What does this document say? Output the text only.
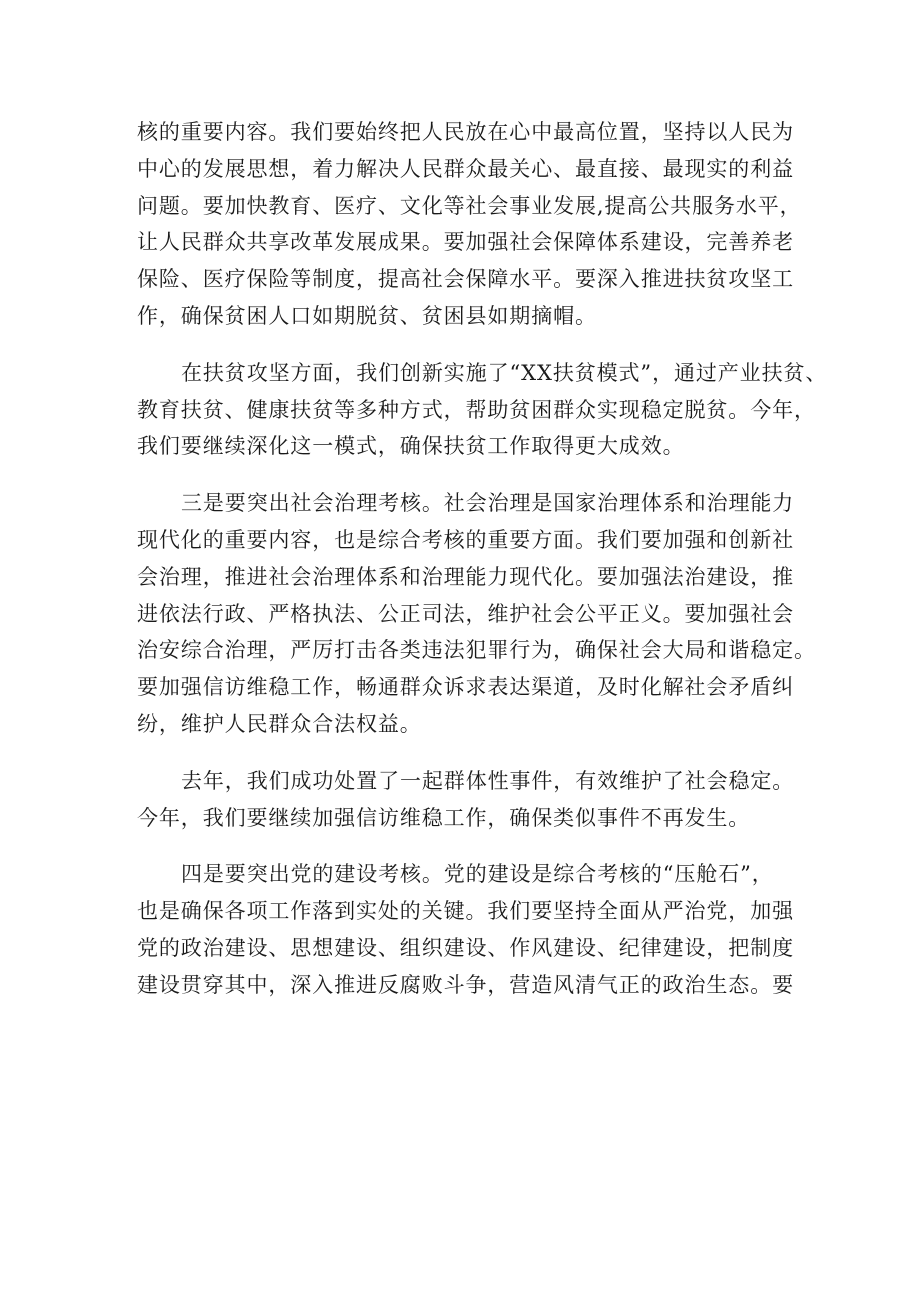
核的重要内容。我们要始终把人民放在心中最高位置，坚持以人民为
中心的发展思想，着力解决人民群众最关心、最直接、最现实的利益
问题。要加快教育、医疗、文化等社会事业发展,提高公共服务水平，
让人民群众共享改革发展成果。要加强社会保障体系建设，完善养老
保险、医疗保险等制度，提高社会保障水平。要深入推进扶贫攻坚工
作，确保贫困人口如期脱贫、贫困县如期摘帽。
在扶贫攻坚方面，我们创新实施了“XX扶贫模式”，通过产业扶贫、
教育扶贫、健康扶贫等多种方式，帮助贫困群众实现稳定脱贫。今年，
我们要继续深化这一模式，确保扶贫工作取得更大成效。
三是要突出社会治理考核。社会治理是国家治理体系和治理能力
现代化的重要内容，也是综合考核的重要方面。我们要加强和创新社
会治理，推进社会治理体系和治理能力现代化。要加强法治建设，推
进依法行政、严格执法、公正司法，维护社会公平正义。要加强社会
治安综合治理，严厉打击各类违法犯罪行为，确保社会大局和谐稳定。
要加强信访维稳工作，畅通群众诉求表达渠道，及时化解社会矛盾纠
纷，维护人民群众合法权益。
去年，我们成功处置了一起群体性事件，有效维护了社会稳定。
今年，我们要继续加强信访维稳工作，确保类似事件不再发生。
四是要突出党的建设考核。党的建设是综合考核的“压舱石”，
也是确保各项工作落到实处的关键。我们要坚持全面从严治党，加强
党的政治建设、思想建设、组织建设、作风建设、纪律建设，把制度
建设贯穿其中，深入推进反腐败斗争，营造风清气正的政治生态。要
